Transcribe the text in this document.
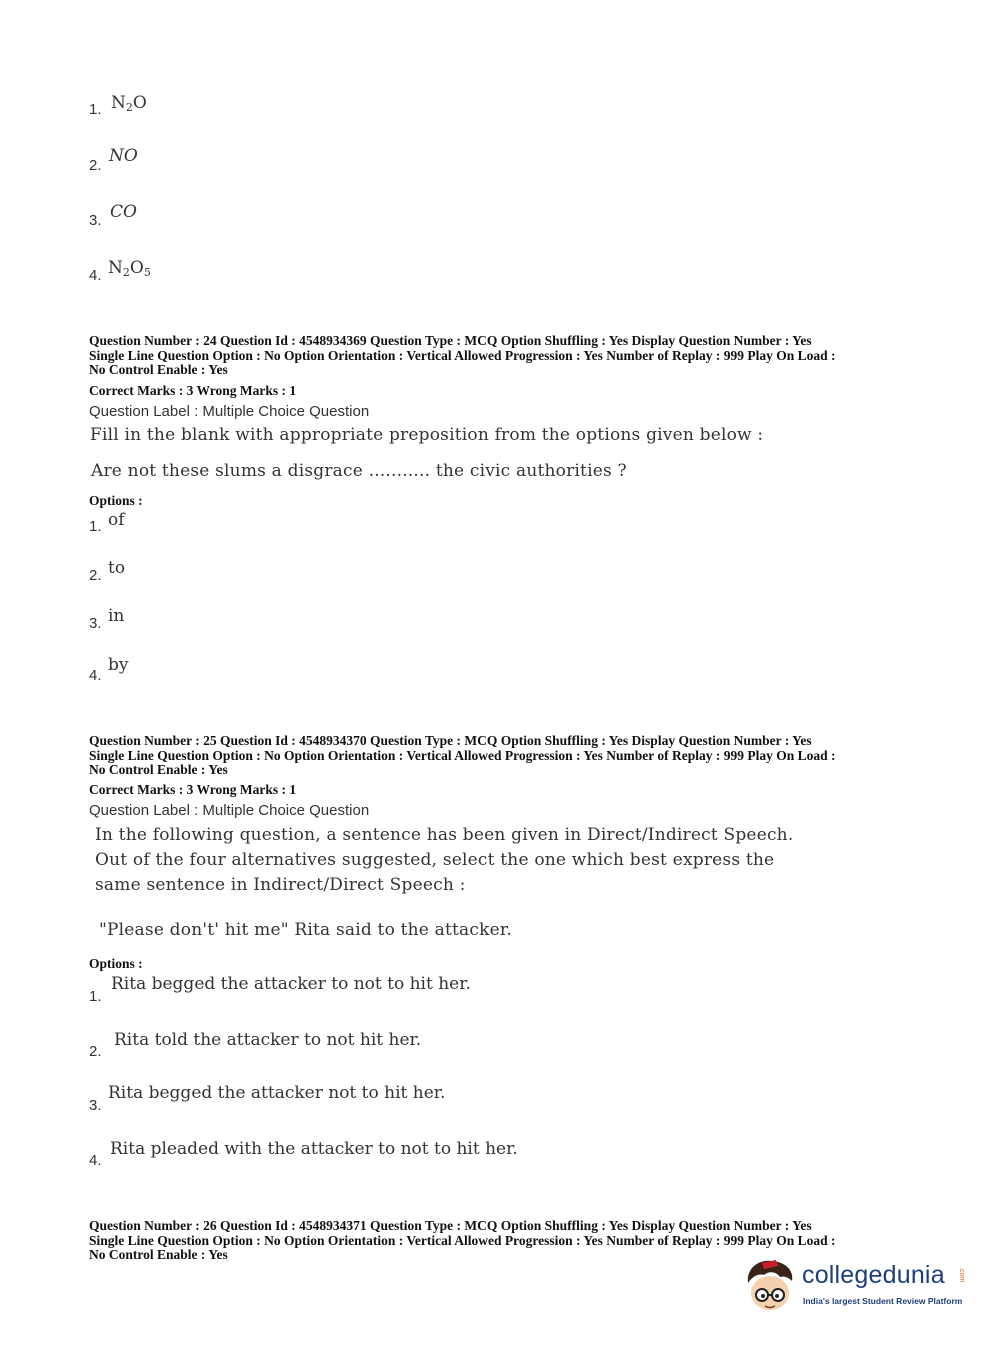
1. $N_2O$
2. NO
3. CO
4. $N_2O_5$
Question Number : 24 Question Id : 4548934369 Question Type : MCQ Option Shuffling : Yes Display Question Number : Yes
Single Line Question Option : No Option Orientation : Vertical Allowed Progression : Yes Number of Replay : 999 Play On Load :
No Control Enable : Yes
Correct Marks : 3 Wrong Marks : 1
Question Label : Multiple Choice Question
Fill in the blank with appropriate preposition from the options given below :
Are not these slums a disgrace ........... the civic authorities ?
Options :
1. of
2. to
3. in
4.
by
Question Number : 25 Question Id : 4548934370 Question Type : MCQ Option Shuffling : Yes Display Question Number : Yes
Single Line Question Option : No Option Orientation : Vertical Allowed Progression : Yes Number of Replay : 999 Play On Load :
No Control Enable : Yes
Correct Marks : 3 Wrong Marks : 1
Question Label : Multiple Choice Question
In the following question, a sentence has been given in Direct/Indirect Speech.
Out of the four alternatives suggested, select the one which best express the
same sentence in Indirect/Direct Speech :
"Please don't' hit me" Rita said to the attacker.
Options :
1.
Rita begged the attacker to not to hit her.
2.
Rita told the attacker to not hit her.
3.
Rita begged the attacker not to hit her.
4.
Rita pleaded with the attacker to not to hit her.
Question Number : 26 Question Id : 4548934371 Question Type : MCQ Option Shuffling : Yes Display Question Number : Yes
Single Line Question Option : No Option Orientation : Vertical Allowed Progression : Yes Number of Replay : 999 Play On Load :
No Control Enable : Yes
collegedunia .com
India's largest Student Review Platform
